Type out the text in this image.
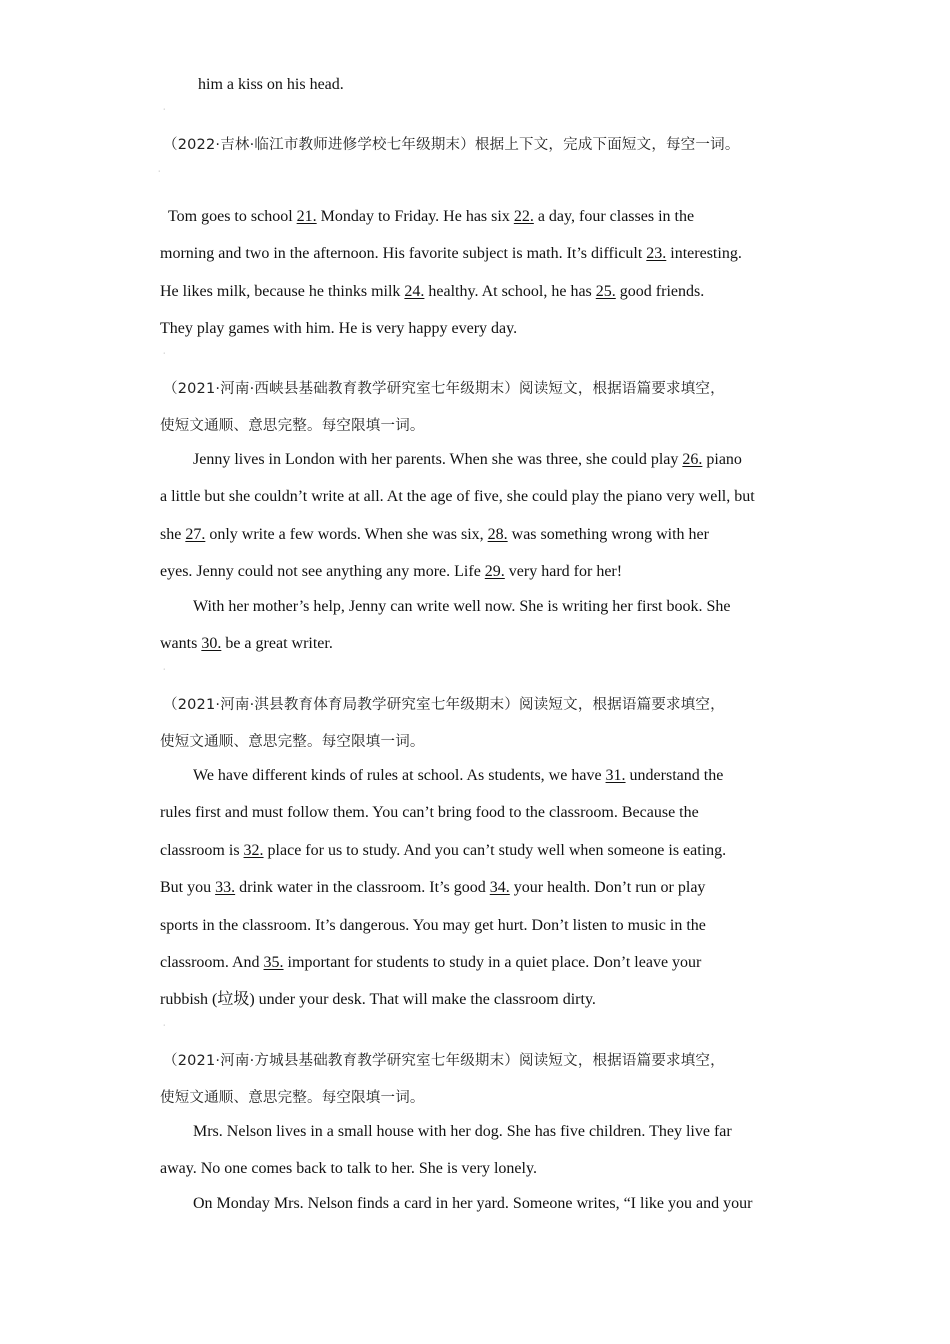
him a kiss on his head.
ᐧ
（2022·吉林·临江市教师进修学校七年级期末）根据上下文，完成下面短文，每空一词。
ᐧ
Tom goes to school 21. Monday to Friday. He has six 22. a day, four classes in the
morning and two in the afternoon. His favorite subject is math. It’s difficult 23. interesting.
He likes milk, because he thinks milk 24. healthy. At school, he has 25. good friends.
They play games with him. He is very happy every day.
ᐧ
（2021·河南·西峡县基础教育教学研究室七年级期末）阅读短文，根据语篇要求填空，
使短文通顺、意思完整。每空限填一词。
Jenny lives in London with her parents. When she was three, she could play 26. piano
a little but she couldn’t write at all. At the age of five, she could play the piano very well, but
she 27. only write a few words. When she was six, 28. was something wrong with her
eyes. Jenny could not see anything any more. Life 29. very hard for her!
With her mother’s help, Jenny can write well now. She is writing her first book. She
wants 30. be a great writer.
ᐧ
（2021·河南·淇县教育体育局教学研究室七年级期末）阅读短文，根据语篇要求填空，
使短文通顺、意思完整。每空限填一词。
We have different kinds of rules at school. As students, we have 31. understand the
rules first and must follow them. You can’t bring food to the classroom. Because the
classroom is 32. place for us to study. And you can’t study well when someone is eating.
But you 33. drink water in the classroom. It’s good 34. your health. Don’t run or play
sports in the classroom. It’s dangerous. You may get hurt. Don’t listen to music in the
classroom. And 35. important for students to study in a quiet place. Don’t leave your
rubbish (垃圾) under your desk. That will make the classroom dirty.
ᐧ
（2021·河南·方城县基础教育教学研究室七年级期末）阅读短文，根据语篇要求填空，
使短文通顺、意思完整。每空限填一词。
Mrs. Nelson lives in a small house with her dog. She has five children. They live far
away. No one comes back to talk to her. She is very lonely.
On Monday Mrs. Nelson finds a card in her yard. Someone writes, “I like you and your
